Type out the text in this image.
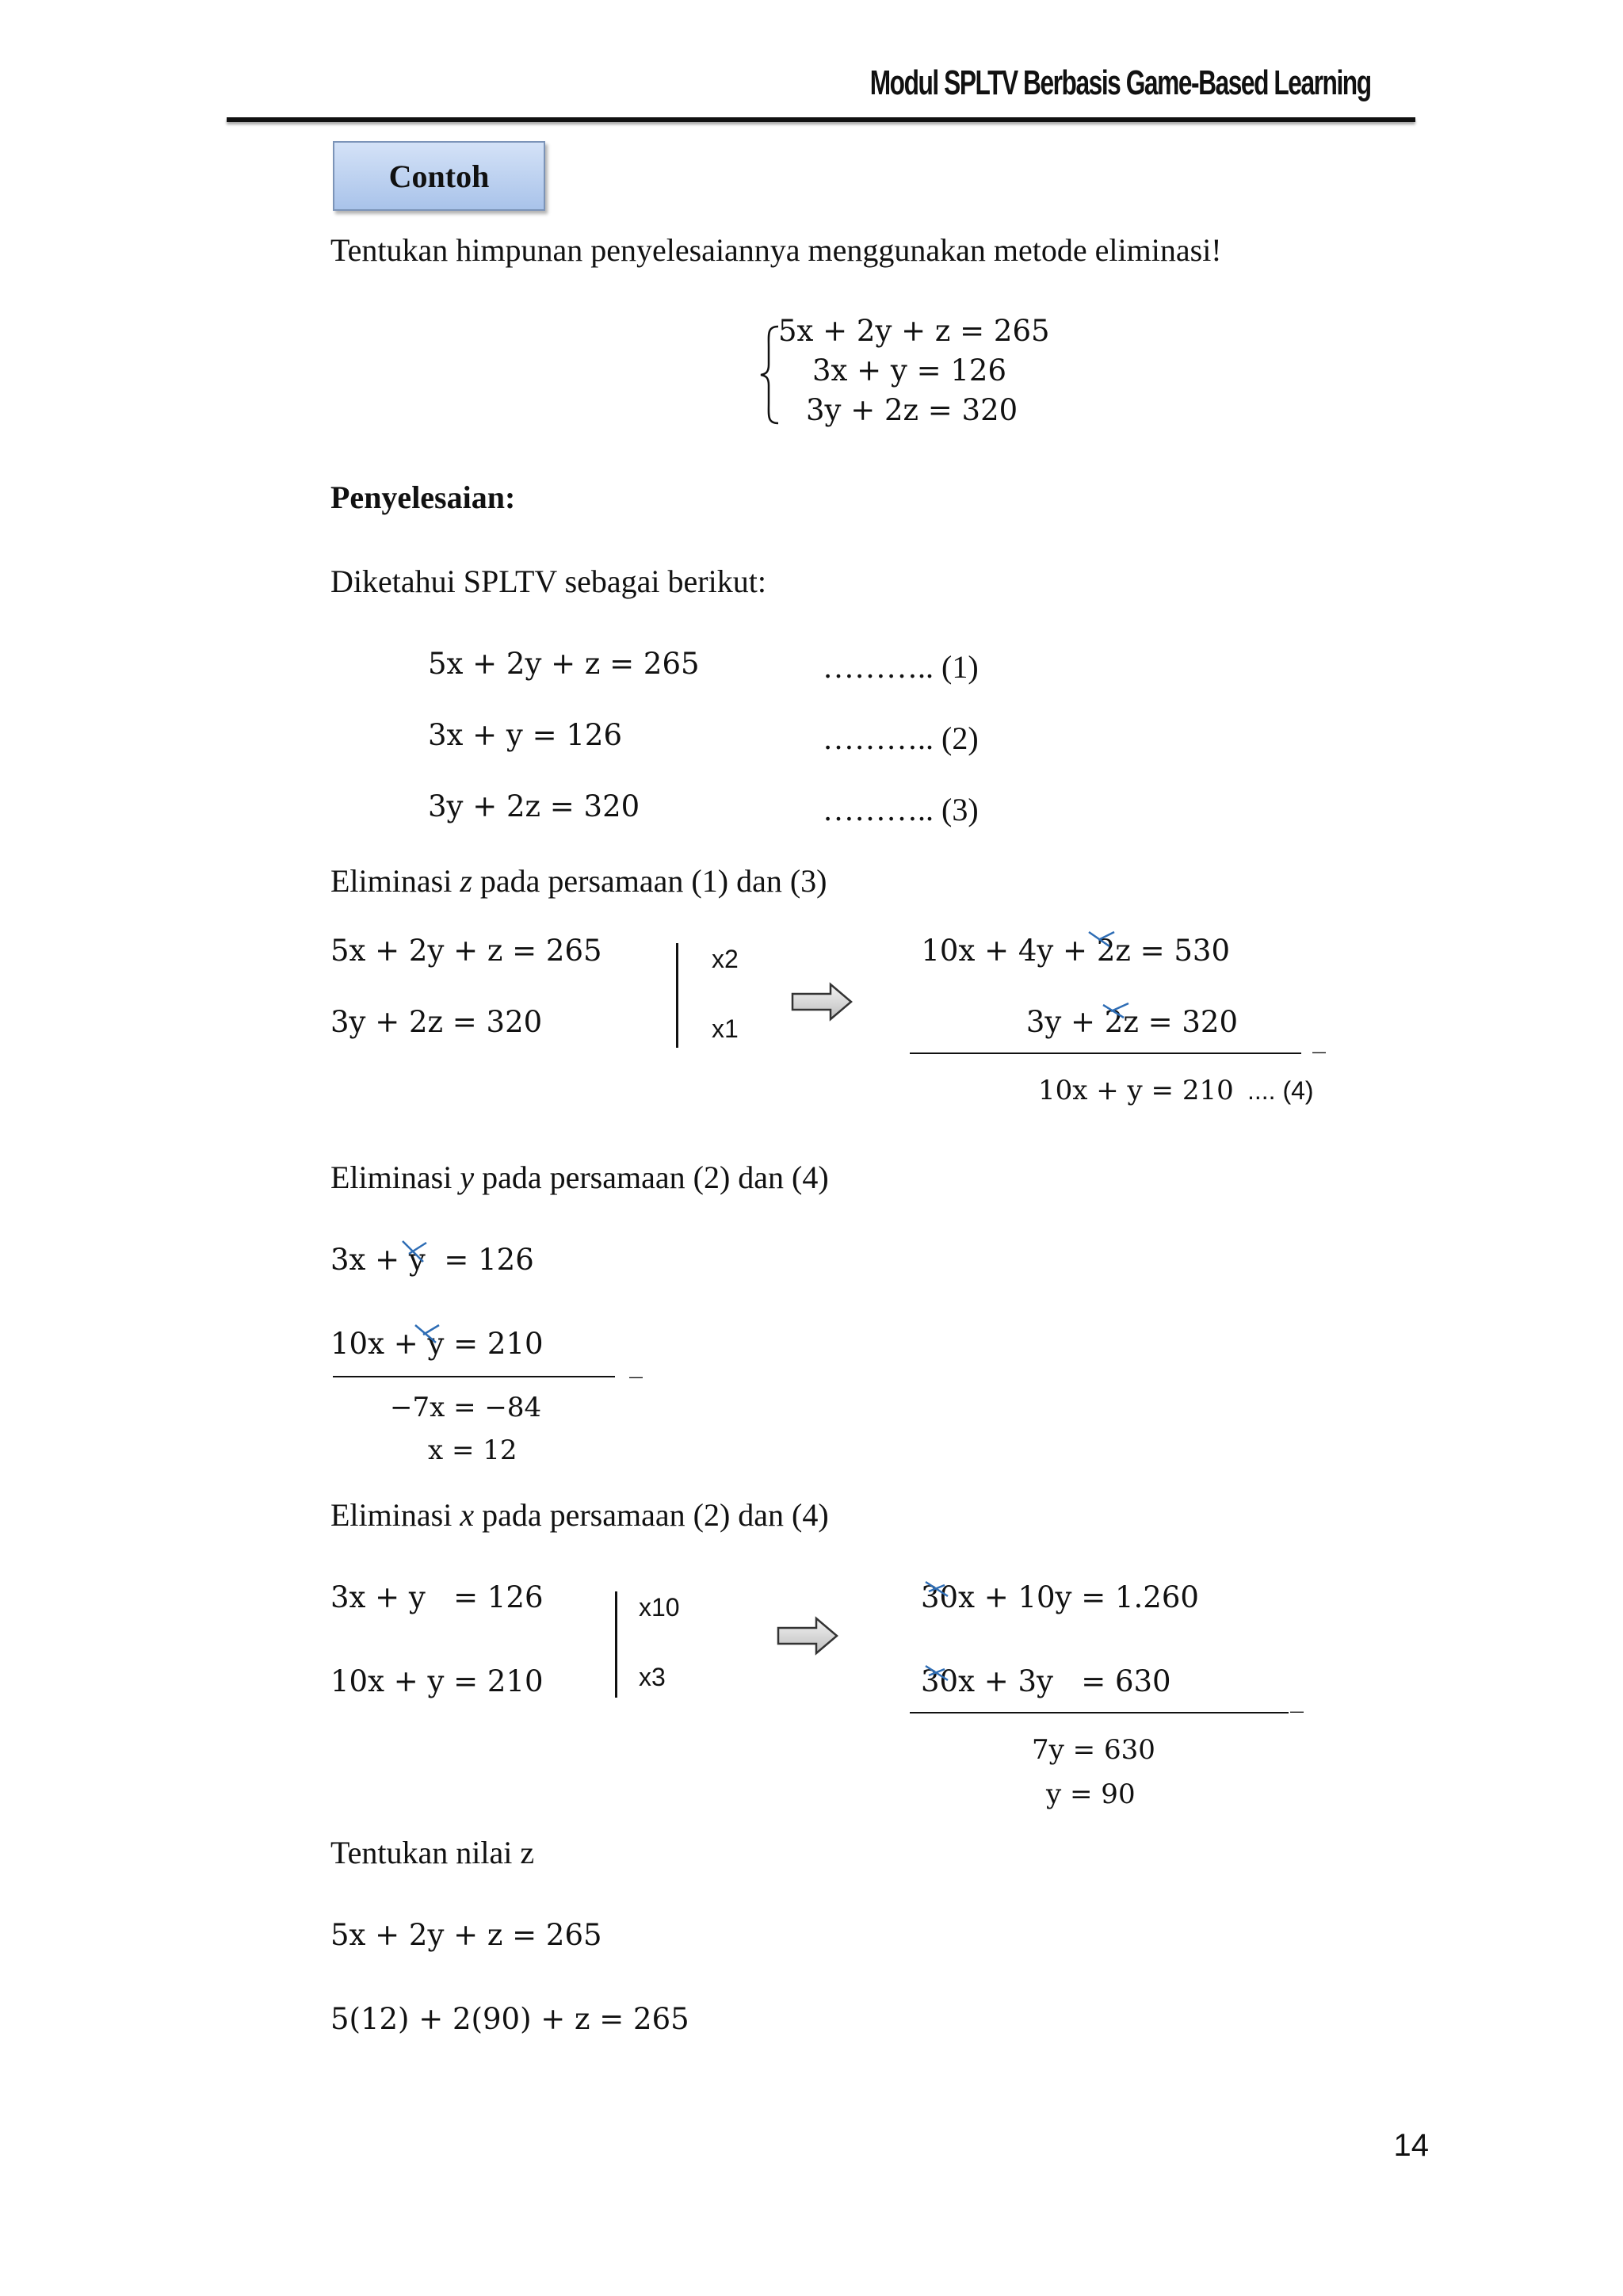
Modul SPLTV Berbasis Game-Based Learning
Contoh
Tentukan himpunan penyelesaiannya menggunakan metode eliminasi!
5x + 2y + z = 265
3x + y = 126
3y + 2z = 320
Penyelesaian:
Diketahui SPLTV sebagai berikut:
5x + 2y + z = 265	……….. (1)
3x + y = 126	……….. (2)
3y + 2z = 320	……….. (3)
Eliminasi z pada persamaan (1) dan (3)
5x + 2y + z = 265
3y + 2z = 320
x2
x1
10x + 4y + 2z = 530
3y + 2z = 320	_
10x + y = 210 .... (4)
Eliminasi y pada persamaan (2) dan (4)
3x + y  = 126
10x + y = 210
_
−7x = −84
x = 12
Eliminasi x pada persamaan (2) dan (4)
3x + y   = 126
10x + y = 210
x10
x3
30x + 10y = 1.260
30x + 3y   = 630	_
7y = 630
y = 90
Tentukan nilai z
5x + 2y + z = 265
5(12) + 2(90) + z = 265
14
